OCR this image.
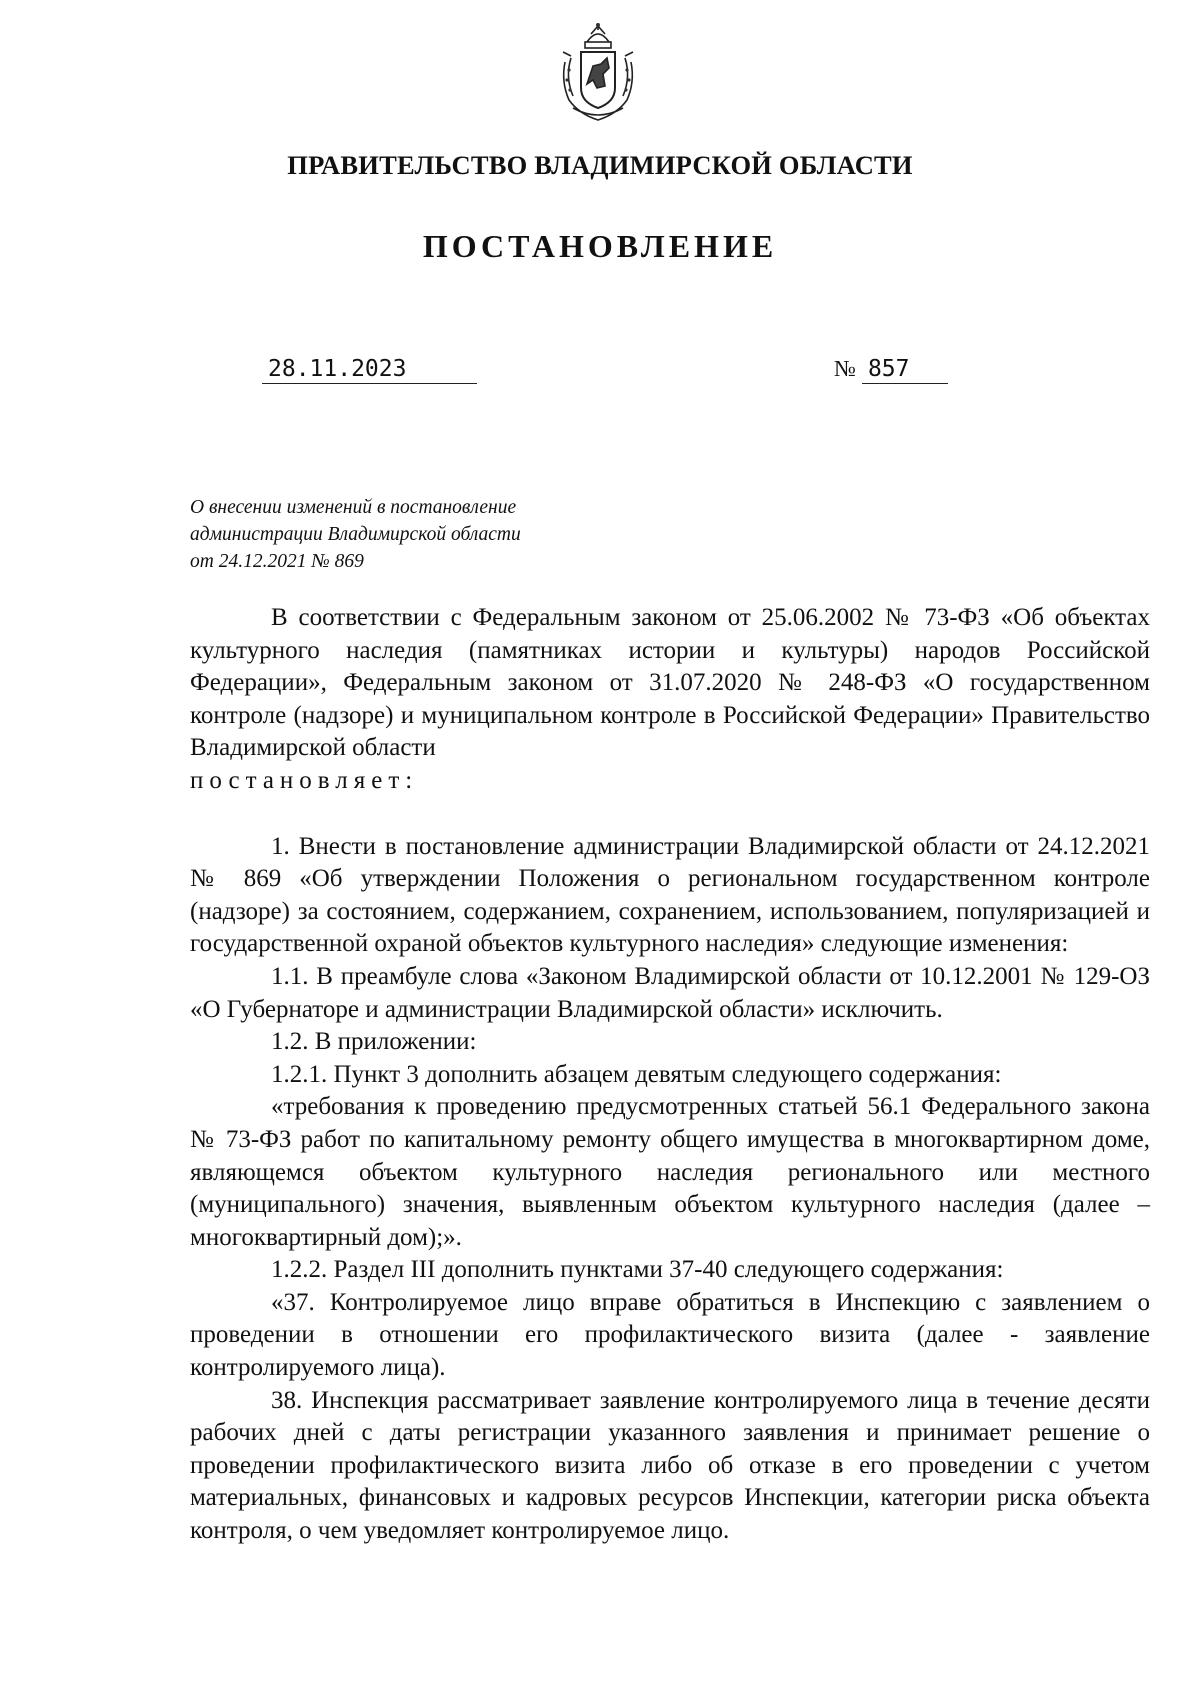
ПРАВИТЕЛЬСТВО ВЛАДИМИРСКОЙ ОБЛАСТИ
ПОСТАНОВЛЕНИЕ
28.11.2023	№ 857
О внесении изменений в постановление
администрации Владимирской области
от 24.12.2021 № 869

В соответствии с Федеральным законом от 25.06.2002 № 73-ФЗ «Об объектах культурного наследия (памятниках истории и культуры) народов Российской Федерации», Федеральным законом от 31.07.2020 № 248-ФЗ «О государственном контроле (надзоре) и муниципальном контроле в Российской Федерации» Правительство Владимирской области

постановляет:

1. Внести в постановление администрации Владимирской области от 24.12.2021 № 869 «Об утверждении Положения о региональном государственном контроле (надзоре) за состоянием, содержанием, сохранением, использованием, популяризацией и государственной охраной объектов культурного наследия» следующие изменения:

1.1. В преамбуле слова «Законом Владимирской области от 10.12.2001 № 129-ОЗ «О Губернаторе и администрации Владимирской области» исключить.

1.2. В приложении:

1.2.1. Пункт 3 дополнить абзацем девятым следующего содержания:

«требования к проведению предусмотренных статьей 56.1 Федерального закона № 73-ФЗ работ по капитальному ремонту общего имущества в многоквартирном доме, являющемся объектом культурного наследия регионального или местного (муниципального) значения, выявленным объектом культурного наследия (далее – многоквартирный дом);».

1.2.2. Раздел III дополнить пунктами 37-40 следующего содержания:

«37. Контролируемое лицо вправе обратиться в Инспекцию с заявлением о проведении в отношении его профилактического визита (далее - заявление контролируемого лица).

38. Инспекция рассматривает заявление контролируемого лица в течение десяти рабочих дней с даты регистрации указанного заявления и принимает решение о проведении профилактического визита либо об отказе в его проведении с учетом материальных, финансовых и кадровых ресурсов Инспекции, категории риска объекта контроля, о чем уведомляет контролируемое лицо.
